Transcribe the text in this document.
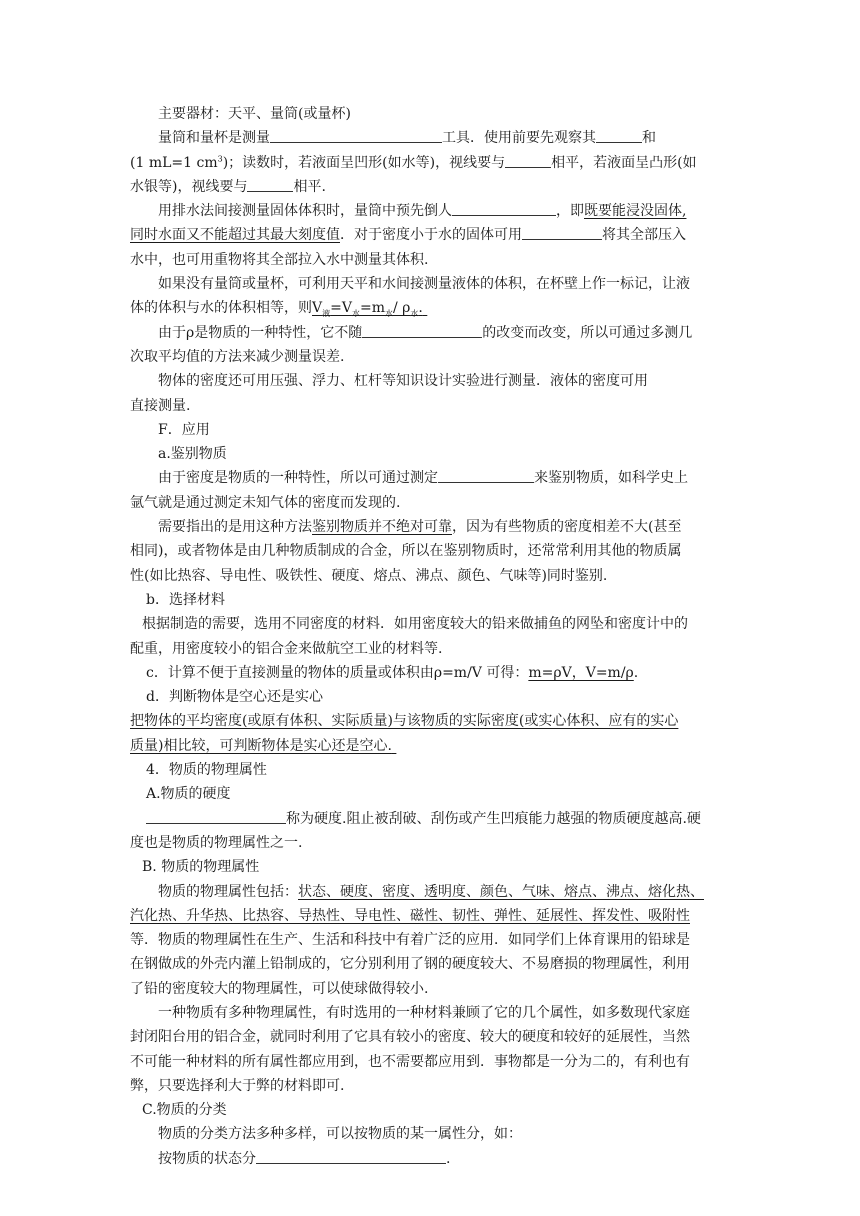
主要器材：天平、量筒(或量杯)

量筒和量杯是测量	工具．使用前要先观察其	和

(1 mL=1 $cm^3$)；读数时，若液面呈凹形(如水等)，视线要与	相平，若液面呈凸形(如

水银等)，视线要与	相平.

用排水法间接测量固体体积时，量筒中预先倒人	，即既要能浸没固体,

同时水面又不能超过其最大刻度值．对于密度小于水的固体可用	将其全部压入

水中，也可用重物将其全部拉入水中测量其体积.

如果没有量筒或量杯，可利用天平和水间接测量液体的体积，在杯壁上作一标记，让液

体的体积与水的体积相等，则$V_液=V_水=m_水/$ $\rho_水$.

由于ρ是物质的一种特性，它不随	的改变而改变，所以可通过多测几

次取平均值的方法来减少测量误差.

物体的密度还可用压强、浮力、杠杆等知识设计实验进行测量．液体的密度可用

直接测量.

F．应用

a.鉴别物质

由于密度是物质的一种特性，所以可通过测定	来鉴别物质，如科学史上

氩气就是通过测定未知气体的密度而发现的.

需要指出的是用这种方法鉴别物质并不绝对可靠，因为有些物质的密度相差不大(甚至

相同)，或者物体是由几种物质制成的合金，所以在鉴别物质时，还常常利用其他的物质属

性(如比热容、导电性、吸铁性、硬度、熔点、沸点、颜色、气味等)同时鉴别.

b．选择材料

根据制造的需要，选用不同密度的材料．如用密度较大的铅来做捕鱼的网坠和密度计中的

配重，用密度较小的铝合金来做航空工业的材料等.

c．计算不便于直接测量的物体的质量或体积由ρ=m/V 可得：m=ρV，V=m/ρ.

d．判断物体是空心还是实心

把物体的平均密度(或原有体积、实际质量)与该物质的实际密度(或实心体积、应有的实心

质量)相比较，可判断物体是实心还是空心.

4．物质的物理属性

A.物质的硬度

称为硬度.阻止被刮破、刮伤或产生凹痕能力越强的物质硬度越高.硬

度也是物质的物理属性之一.

B. 物质的物理属性

物质的物理属性包括：状态、硬度、密度、透明度、颜色、气味、熔点、沸点、熔化热、

汽化热、升华热、比热容、导热性、导电性、磁性、韧性、弹性、延展性、挥发性、吸附性

等．物质的物理属性在生产、生活和科技中有着广泛的应用．如同学们上体育课用的铅球是

在钢做成的外壳内灌上铅制成的，它分别利用了钢的硬度较大、不易磨损的物理属性，利用

了铅的密度较大的物理属性，可以使球做得较小.

一种物质有多种物理属性，有时选用的一种材料兼顾了它的几个属性，如多数现代家庭

封闭阳台用的铝合金，就同时利用了它具有较小的密度、较大的硬度和较好的延展性，当然

不可能一种材料的所有属性都应用到，也不需要都应用到．事物都是一分为二的，有利也有

弊，只要选择利大于弊的材料即可.

C.物质的分类

物质的分类方法多种多样，可以按物质的某一属性分，如：

按物质的状态分	.
